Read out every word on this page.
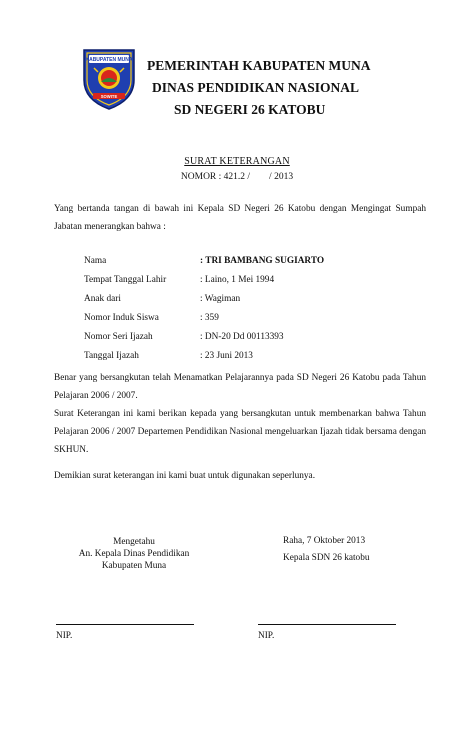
KABUPATEN MUNA
SOWITE
PEMERINTAH KABUPATEN MUNA
DINAS PENDIDIKAN NASIONAL
SD NEGERI 26 KATOBU
SURAT KETERANGAN
NOMOR : 421.2 /        / 2013
Yang bertanda tangan di bawah ini Kepala SD Negeri 26 Katobu dengan Mengingat Sumpah Jabatan menerangkan bahwa :
Nama	: TRI BAMBANG SUGIARTO
Tempat Tanggal Lahir	: Laino, 1 Mei 1994
Anak dari	: Wagiman
Nomor Induk Siswa	: 359
Nomor Seri Ijazah	: DN-20 Dd 00113393
Tanggal Ijazah	: 23 Juni 2013
Benar yang bersangkutan telah Menamatkan Pelajarannya pada SD Negeri 26 Katobu pada Tahun Pelajaran 2006 / 2007.
Surat Keterangan ini kami berikan kepada yang bersangkutan untuk membenarkan bahwa Tahun Pelajaran 2006 / 2007 Departemen Pendidikan Nasional mengeluarkan Ijazah tidak bersama dengan SKHUN.
Demikian surat keterangan ini kami buat untuk digunakan seperlunya.
Mengetahu
An. Kepala Dinas Pendidikan
Kabupaten Muna
Raha, 7 Oktober 2013
Kepala SDN 26 katobu
NIP.	NIP.
